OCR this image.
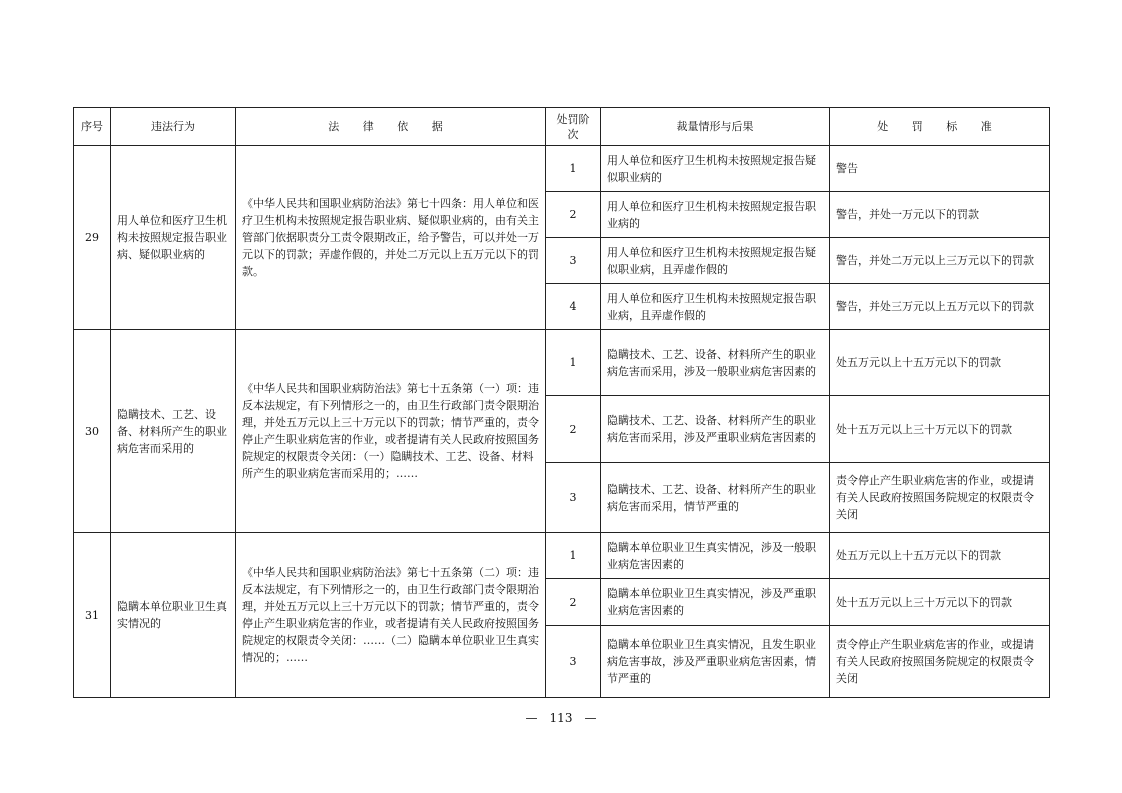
序号	违法行为	法 律 依 据	处罚阶次	裁量情形与后果	处 罚 标 准
29	用人单位和医疗卫生机构未按照规定报告职业病、疑似职业病的	《中华人民共和国职业病防治法》第七十四条：用人单位和医疗卫生机构未按照规定报告职业病、疑似职业病的，由有关主管部门依据职责分工责令限期改正，给予警告，可以并处一万元以下的罚款；弄虚作假的，并处二万元以上五万元以下的罚款。	1	用人单位和医疗卫生机构未按照规定报告疑似职业病的	警告
			2	用人单位和医疗卫生机构未按照规定报告职业病的	警告，并处一万元以下的罚款
			3	用人单位和医疗卫生机构未按照规定报告疑似职业病，且弄虚作假的	警告，并处二万元以上三万元以下的罚款
			4	用人单位和医疗卫生机构未按照规定报告职业病，且弄虚作假的	警告，并处三万元以上五万元以下的罚款
30	隐瞒技术、工艺、设备、材料所产生的职业病危害而采用的	《中华人民共和国职业病防治法》第七十五条第（一）项：违反本法规定，有下列情形之一的，由卫生行政部门责令限期治理，并处五万元以上三十万元以下的罚款；情节严重的，责令停止产生职业病危害的作业，或者提请有关人民政府按照国务院规定的权限责令关闭：（一）隐瞒技术、工艺、设备、材料所产生的职业病危害而采用的；……	1	隐瞒技术、工艺、设备、材料所产生的职业病危害而采用，涉及一般职业病危害因素的	处五万元以上十五万元以下的罚款
			2	隐瞒技术、工艺、设备、材料所产生的职业病危害而采用，涉及严重职业病危害因素的	处十五万元以上三十万元以下的罚款
			3	隐瞒技术、工艺、设备、材料所产生的职业病危害而采用，情节严重的	责令停止产生职业病危害的作业，或提请有关人民政府按照国务院规定的权限责令关闭
31	隐瞒本单位职业卫生真实情况的	《中华人民共和国职业病防治法》第七十五条第（二）项：违反本法规定，有下列情形之一的，由卫生行政部门责令限期治理，并处五万元以上三十万元以下的罚款；情节严重的，责令停止产生职业病危害的作业，或者提请有关人民政府按照国务院规定的权限责令关闭：……（二）隐瞒本单位职业卫生真实情况的；……	1	隐瞒本单位职业卫生真实情况，涉及一般职业病危害因素的	处五万元以上十五万元以下的罚款
			2	隐瞒本单位职业卫生真实情况，涉及严重职业病危害因素的	处十五万元以上三十万元以下的罚款
			3	隐瞒本单位职业卫生真实情况，且发生职业病危害事故，涉及严重职业病危害因素，情节严重的	责令停止产生职业病危害的作业，或提请有关人民政府按照国务院规定的权限责令关闭
— 113 —
